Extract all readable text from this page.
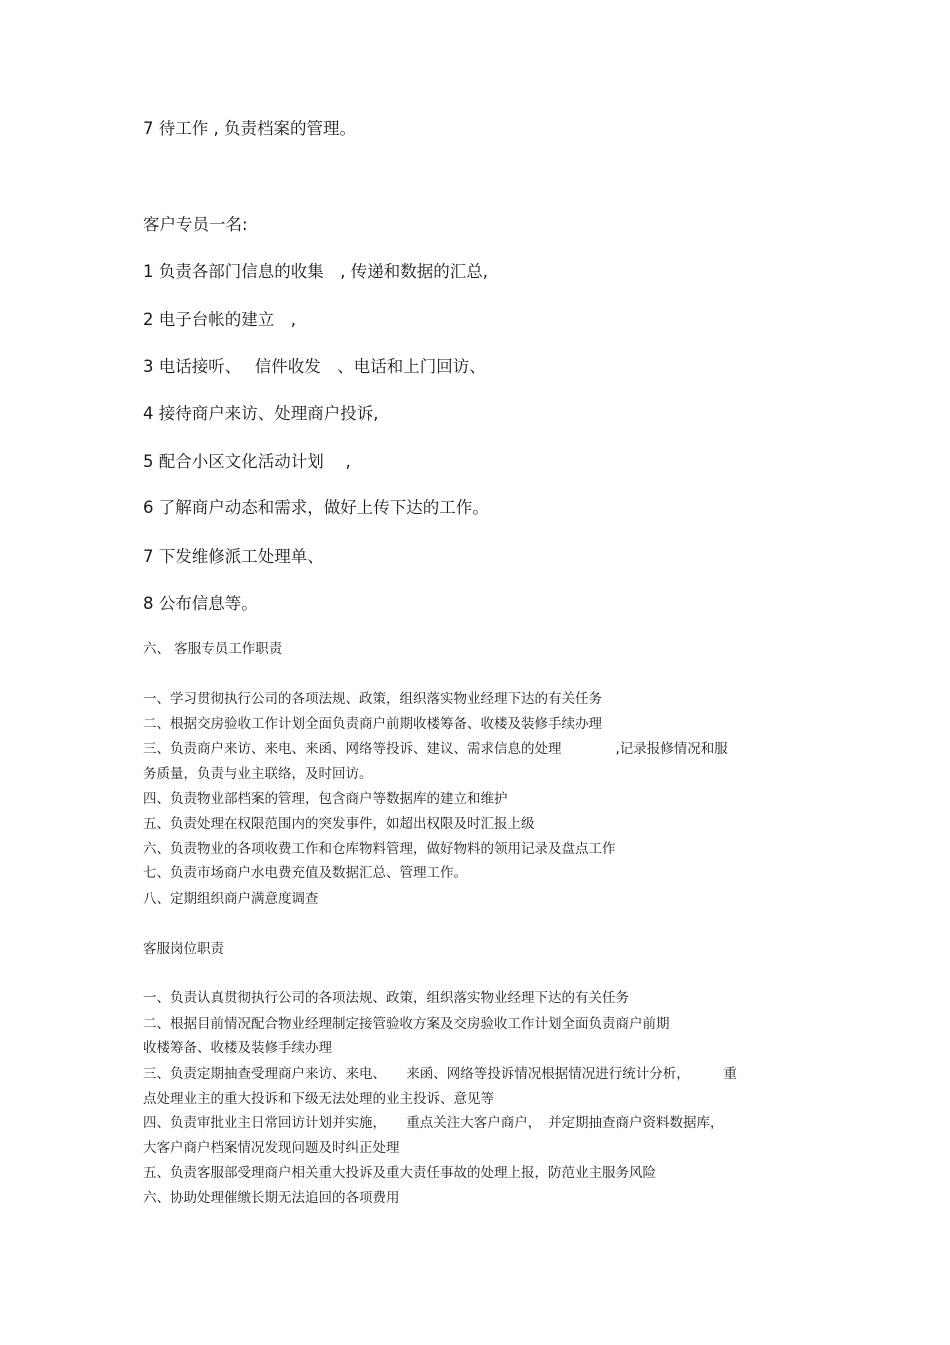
7 待工作 , 负责档案的管理。

客户专员一名:

1 负责各部门信息的收集　, 传递和数据的汇总,

2 电子台帐的建立　,

3 电话接听、　 信件收发　、电话和上门回访、

4 接待商户来访、处理商户投诉,

5 配合小区文化活动计划　 ,

6 了解商户动态和需求，做好上传下达的工作。

7 下发维修派工处理单、

8 公布信息等。

六、 客服专员工作职责

一、学习贯彻执行公司的各项法规、政策，组织落实物业经理下达的有关任务

二、根据交房验收工作计划全面负责商户前期收楼筹备、收楼及装修手续办理

三、负责商户来访、来电、来函、网络等投诉、建议、需求信息的处理　　　　,记录报修情况和服

务质量，负责与业主联络，及时回访。

四、负责物业部档案的管理，包含商户等数据库的建立和维护

五、负责处理在权限范围内的突发事件，如超出权限及时汇报上级

六、负责物业的各项收费工作和仓库物料管理，做好物料的领用记录及盘点工作

七、负责市场商户水电费充值及数据汇总、管理工作。

八、定期组织商户满意度调查

客服岗位职责

一、负责认真贯彻执行公司的各项法规、政策，组织落实物业经理下达的有关任务

二、根据目前情况配合物业经理制定接管验收方案及交房验收工作计划全面负责商户前期

收楼筹备、收楼及装修手续办理

三、负责定期抽查受理商户来访、来电、　　来函、网络等投诉情况根据情况进行统计分析，　　　重

点处理业主的重大投诉和下级无法处理的业主投诉、意见等

四、负责审批业主日常回访计划并实施，　　重点关注大客户商户，　并定期抽查商户资料数据库，

大客户商户档案情况发现问题及时纠正处理

五、负责客服部受理商户相关重大投诉及重大责任事故的处理上报，防范业主服务风险

六、协助处理催缴长期无法追回的各项费用
